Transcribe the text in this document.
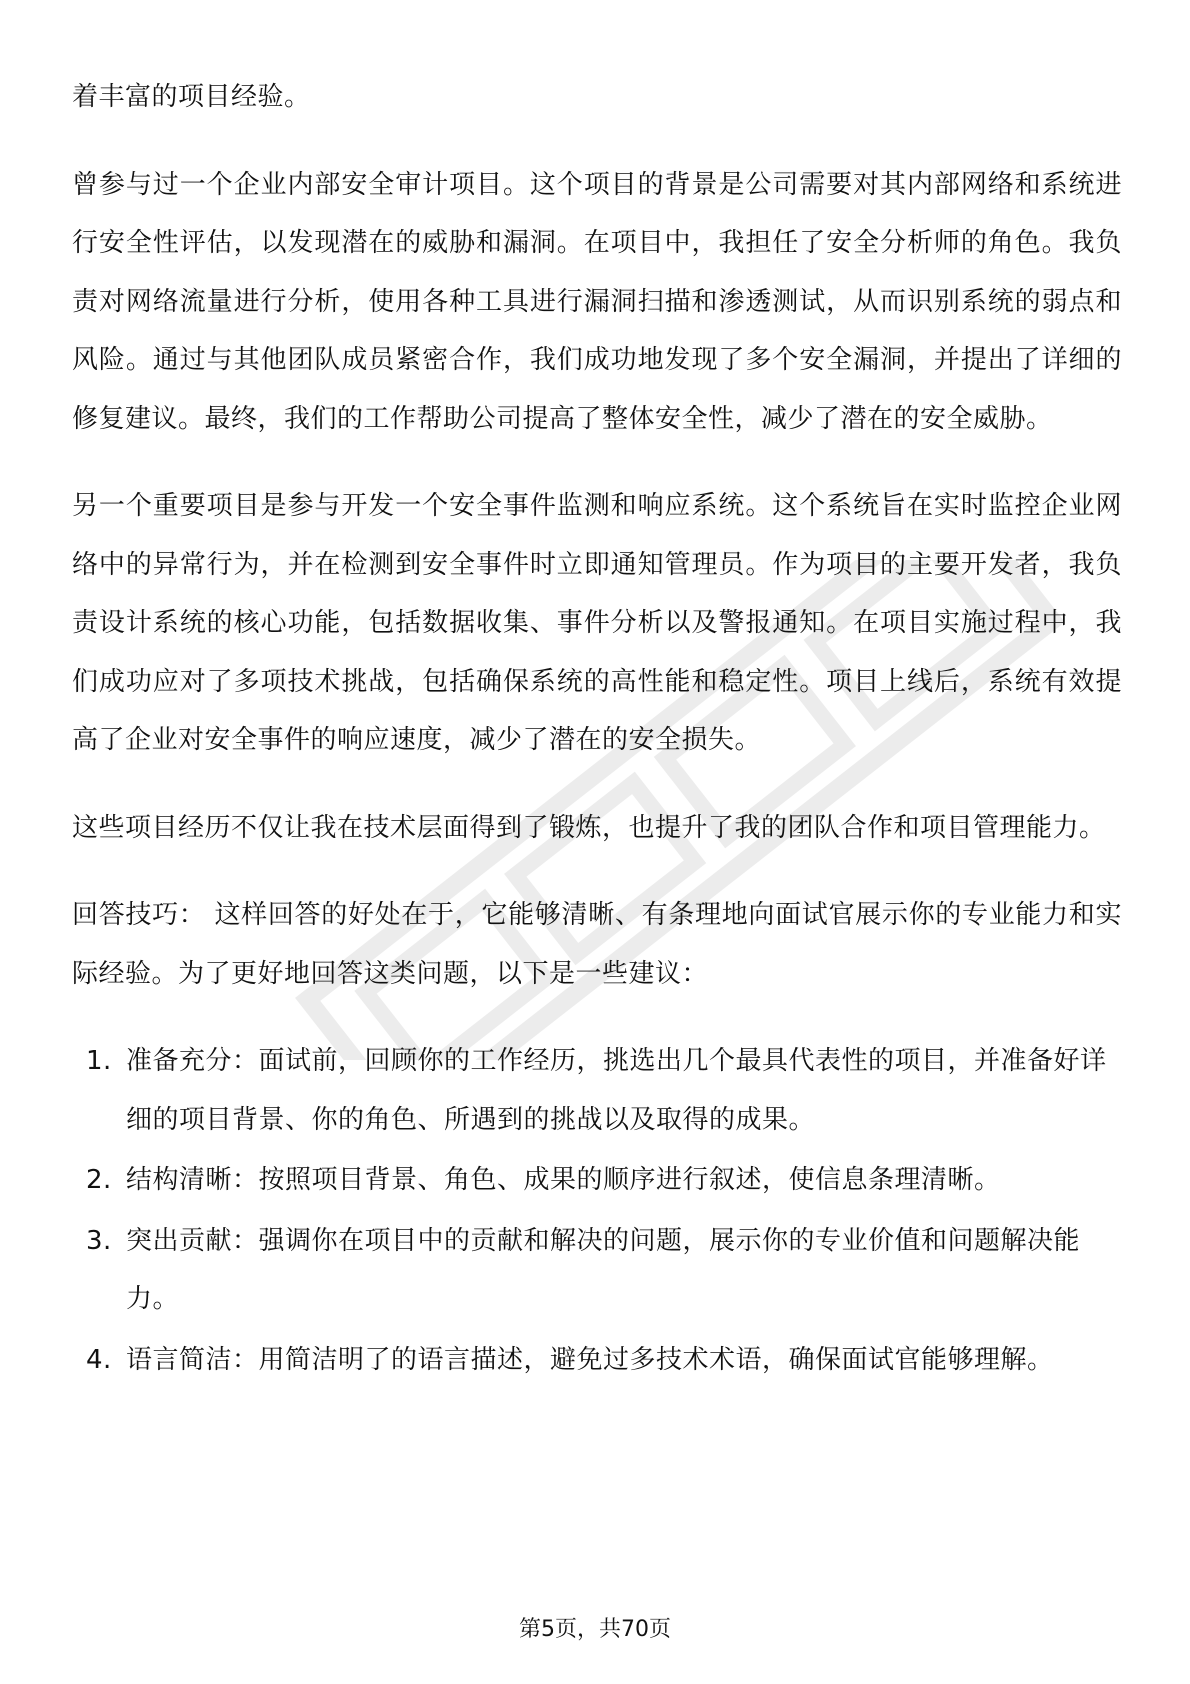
着丰富的项目经验。

曾参与过一个企业内部安全审计项目。这个项目的背景是公司需要对其内部网络和系统进行安全性评估，以发现潜在的威胁和漏洞。在项目中，我担任了安全分析师的角色。我负责对网络流量进行分析，使用各种工具进行漏洞扫描和渗透测试，从而识别系统的弱点和风险。通过与其他团队成员紧密合作，我们成功地发现了多个安全漏洞，并提出了详细的修复建议。最终，我们的工作帮助公司提高了整体安全性，减少了潜在的安全威胁。

另一个重要项目是参与开发一个安全事件监测和响应系统。这个系统旨在实时监控企业网络中的异常行为，并在检测到安全事件时立即通知管理员。作为项目的主要开发者，我负责设计系统的核心功能，包括数据收集、事件分析以及警报通知。在项目实施过程中，我们成功应对了多项技术挑战，包括确保系统的高性能和稳定性。项目上线后，系统有效提高了企业对安全事件的响应速度，减少了潜在的安全损失。

这些项目经历不仅让我在技术层面得到了锻炼，也提升了我的团队合作和项目管理能力。

回答技巧： 这样回答的好处在于，它能够清晰、有条理地向面试官展示你的专业能力和实际经验。为了更好地回答这类问题，以下是一些建议：

1. 准备充分：面试前，回顾你的工作经历，挑选出几个最具代表性的项目，并准备好详细的项目背景、你的角色、所遇到的挑战以及取得的成果。
2. 结构清晰：按照项目背景、角色、成果的顺序进行叙述，使信息条理清晰。
3. 突出贡献：强调你在项目中的贡献和解决的问题，展示你的专业价值和问题解决能力。
4. 语言简洁：用简洁明了的语言描述，避免过多技术术语，确保面试官能够理解。
第5页，共70页
